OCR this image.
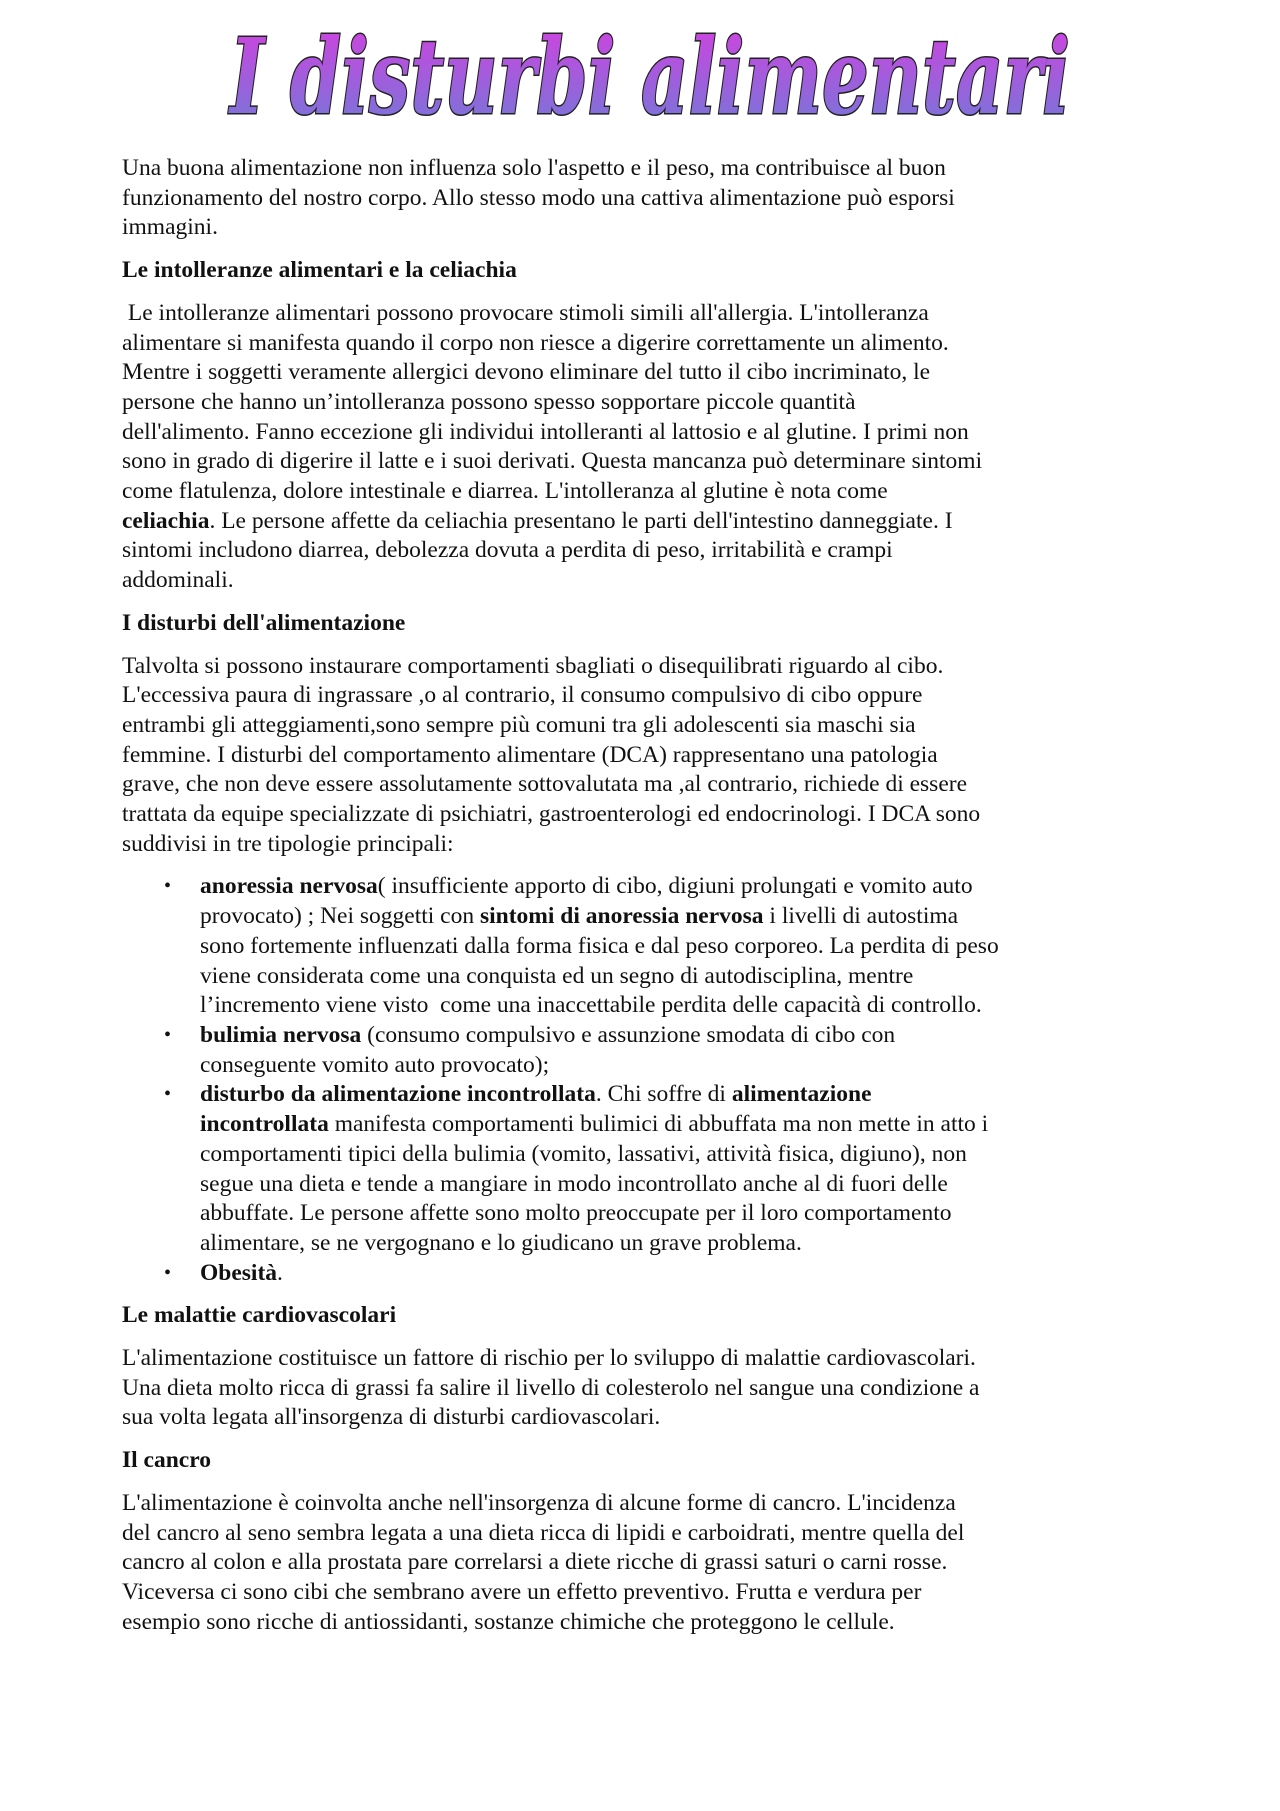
I disturbi alimentari
Una buona alimentazione non influenza solo l'aspetto e il peso, ma contribuisce al buon
funzionamento del nostro corpo. Allo stesso modo una cattiva alimentazione può esporsi
immagini.
Le intolleranze alimentari e la celiachia
Le intolleranze alimentari possono provocare stimoli simili all'allergia. L'intolleranza
alimentare si manifesta quando il corpo non riesce a digerire correttamente un alimento.
Mentre i soggetti veramente allergici devono eliminare del tutto il cibo incriminato, le
persone che hanno un’intolleranza possono spesso sopportare piccole quantità
dell'alimento. Fanno eccezione gli individui intolleranti al lattosio e al glutine. I primi non
sono in grado di digerire il latte e i suoi derivati. Questa mancanza può determinare sintomi
come flatulenza, dolore intestinale e diarrea. L'intolleranza al glutine è nota come
celiachia. Le persone affette da celiachia presentano le parti dell'intestino danneggiate. I
sintomi includono diarrea, debolezza dovuta a perdita di peso, irritabilità e crampi
addominali.
I disturbi dell'alimentazione
Talvolta si possono instaurare comportamenti sbagliati o disequilibrati riguardo al cibo.
L'eccessiva paura di ingrassare ,o al contrario, il consumo compulsivo di cibo oppure
entrambi gli atteggiamenti,sono sempre più comuni tra gli adolescenti sia maschi sia
femmine. I disturbi del comportamento alimentare (DCA) rappresentano una patologia
grave, che non deve essere assolutamente sottovalutata ma ,al contrario, richiede di essere
trattata da equipe specializzate di psichiatri, gastroenterologi ed endocrinologi. I DCA sono
suddivisi in tre tipologie principali:
• anoressia nervosa( insufficiente apporto di cibo, digiuni prolungati e vomito auto
provocato) ; Nei soggetti con sintomi di anoressia nervosa i livelli di autostima
sono fortemente influenzati dalla forma fisica e dal peso corporeo. La perdita di peso
viene considerata come una conquista ed un segno di autodisciplina, mentre
l’incremento viene visto  come una inaccettabile perdita delle capacità di controllo.
• bulimia nervosa (consumo compulsivo e assunzione smodata di cibo con
conseguente vomito auto provocato);
• disturbo da alimentazione incontrollata. Chi soffre di alimentazione
incontrollata manifesta comportamenti bulimici di abbuffata ma non mette in atto i
comportamenti tipici della bulimia (vomito, lassativi, attività fisica, digiuno), non
segue una dieta e tende a mangiare in modo incontrollato anche al di fuori delle
abbuffate. Le persone affette sono molto preoccupate per il loro comportamento
alimentare, se ne vergognano e lo giudicano un grave problema.
• Obesità.
Le malattie cardiovascolari
L'alimentazione costituisce un fattore di rischio per lo sviluppo di malattie cardiovascolari.
Una dieta molto ricca di grassi fa salire il livello di colesterolo nel sangue una condizione a
sua volta legata all'insorgenza di disturbi cardiovascolari.
Il cancro
L'alimentazione è coinvolta anche nell'insorgenza di alcune forme di cancro. L'incidenza
del cancro al seno sembra legata a una dieta ricca di lipidi e carboidrati, mentre quella del
cancro al colon e alla prostata pare correlarsi a diete ricche di grassi saturi o carni rosse.
Viceversa ci sono cibi che sembrano avere un effetto preventivo. Frutta e verdura per
esempio sono ricche di antiossidanti, sostanze chimiche che proteggono le cellule.
